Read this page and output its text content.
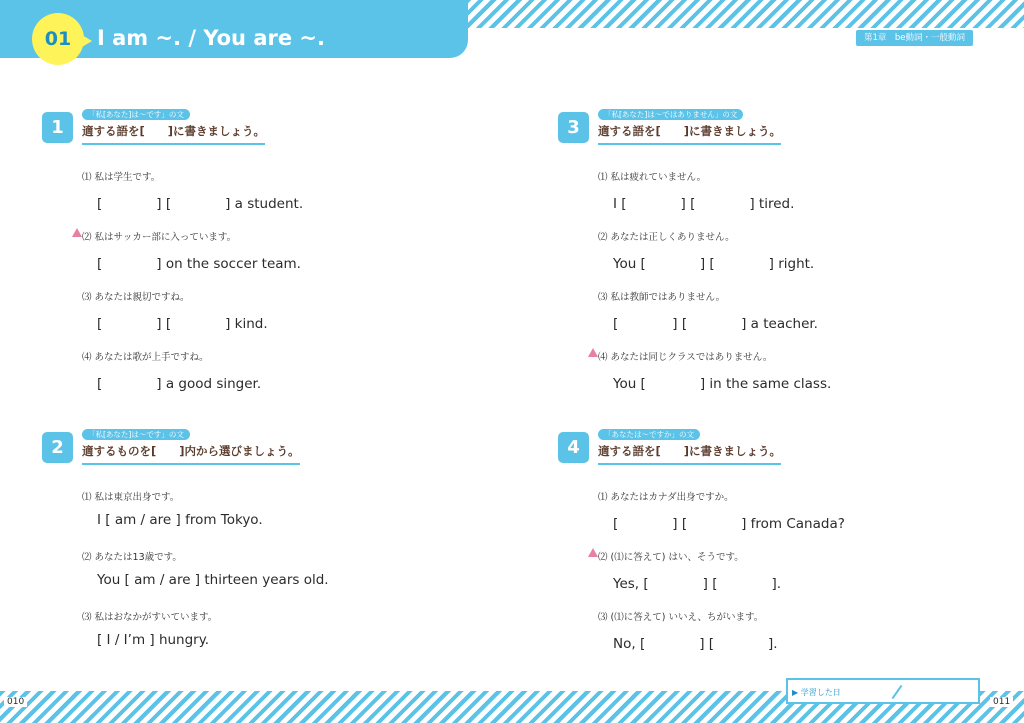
01	I am ~. / You are ~.	第1章　be動詞・一般動詞
1
「私[あなた]は～です」の文
適する語を[　　]に書きましょう。
⑴ 私は学生です。
[　　　　] [　　　　] a student.
⑵ 私はサッカー部に入っています。
[　　　　] on the soccer team.
⑶ あなたは親切ですね。
[　　　　] [　　　　] kind.
⑷ あなたは歌が上手ですね。
[　　　　] a good singer.
2
「私[あなた]は～です」の文
適するものを[　　]内から選びましょう。
⑴ 私は東京出身です。
I [ am / are ] from Tokyo.
⑵ あなたは13歳です。
You [ am / are ] thirteen years old.
⑶ 私はおなかがすいています。
[ I / I’m ] hungry.
3
「私[あなた]は～ではありません」の文
適する語を[　　]に書きましょう。
⑴ 私は疲れていません。
I [　　　　] [　　　　] tired.
⑵ あなたは正しくありません。
You [　　　　] [　　　　] right.
⑶ 私は教師ではありません。
[　　　　] [　　　　] a teacher.
⑷ あなたは同じクラスではありません。
You [　　　　] in the same class.
4
「あなたは～ですか」の文
適する語を[　　]に書きましょう。
⑴ あなたはカナダ出身ですか。
[　　　　] [　　　　] from Canada?
⑵ (⑴に答えて) はい、そうです。
Yes, [　　　　] [　　　　].
⑶ (⑴に答えて) いいえ、ちがいます。
No, [　　　　] [　　　　].
010	011
▶ 学習した日
